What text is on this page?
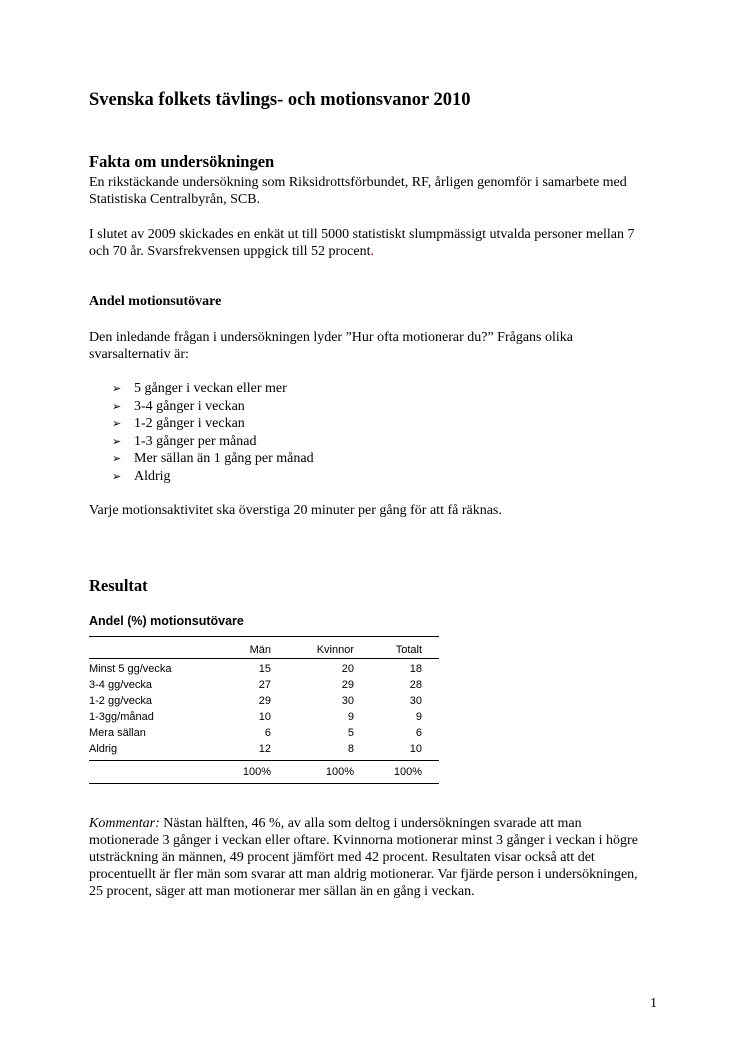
Svenska folkets tävlings- och motionsvanor 2010
Fakta om undersökningen
En rikstäckande undersökning som Riksidrottsförbundet, RF, årligen genomför i samarbete med Statistiska Centralbyrån, SCB.
I slutet av 2009 skickades en enkät ut till 5000 statistiskt slumpmässigt utvalda personer mellan 7 och 70 år. Svarsfrekvensen uppgick till 52 procent.
Andel motionsutövare
Den inledande frågan i undersökningen lyder ”Hur ofta motionerar du?” Frågans olika svarsalternativ är:
➢ 5 gånger i veckan eller mer
➢ 3-4 gånger i veckan
➢ 1-2 gånger i veckan
➢ 1-3 gånger per månad
➢ Mer sällan än 1 gång per månad
➢ Aldrig
Varje motionsaktivitet ska överstiga 20 minuter per gång för att få räknas.
Resultat
Andel (%) motionsutövare
	Män	Kvinnor	Totalt	
Minst 5 gg/vecka	15	20	18	
3-4 gg/vecka	27	29	28	
1-2 gg/vecka	29	30	30	
1-3gg/månad	10	9	9	
Mera sällan	6	5	6	
Aldrig	12	8	10	
	100%	100%	100%	
Kommentar: Nästan hälften, 46 %, av alla som deltog i undersökningen svarade att man motionerade 3 gånger i veckan eller oftare. Kvinnorna motionerar minst 3 gånger i veckan i högre utsträckning än männen, 49 procent jämfört med 42 procent. Resultaten visar också att det procentuellt är fler män som svarar att man aldrig motionerar. Var fjärde person i undersökningen, 25 procent, säger att man motionerar mer sällan än en gång i veckan.
1
